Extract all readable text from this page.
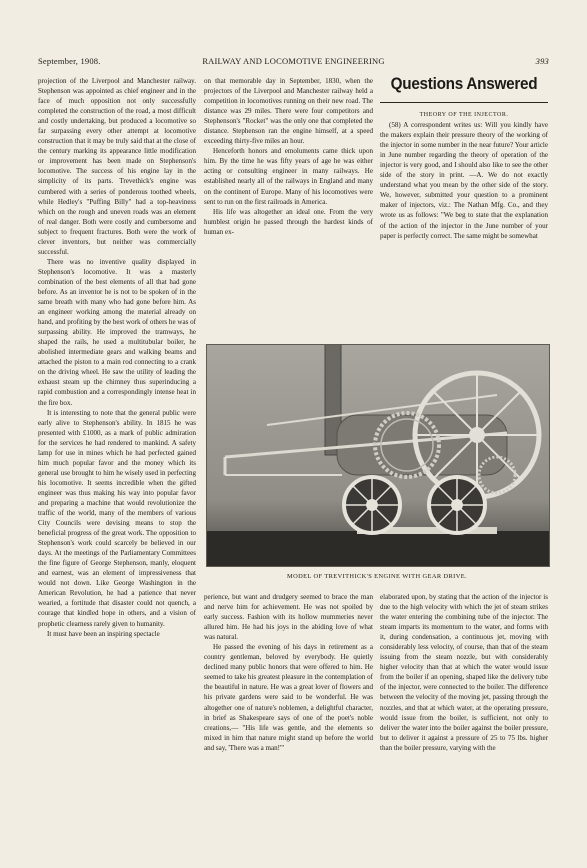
September, 1908.	RAILWAY AND LOCOMOTIVE ENGINEERING	393

projection of the Liverpool and Manchester railway. Stephenson was appointed as chief engineer and in the face of much opposition not only successfully completed the construction of the road, a most difficult and costly undertaking, but produced a locomotive so far surpassing every other attempt at locomotive construction that it may be truly said that at the close of the century marking its appearance little modification or improvement has been made on Stephenson's locomotive. The success of his engine lay in the simplicity of its parts. Trevethick's engine was cumbered with a series of ponderous toothed wheels, while Hedley's "Puffing Billy" had a top-heaviness which on the rough and uneven roads was an element of real danger. Both were costly and cumbersome and subject to frequent fractures. Both were the work of clever inventors, but neither was commercially successful.

There was no inventive quality displayed in Stephenson's locomotive. It was a masterly combination of the best elements of all that had gone before. As an inventor he is not to be spoken of in the same breath with many who had gone before him. As an engineer working among the material already on hand, and profiting by the best work of others he was of surpassing ability. He improved the tramways, he shaped the rails, he used a multitubular boiler, he abolished intermediate gears and walking beams and attached the piston to a main rod connecting to a crank on the driving wheel. He saw the utility of leading the exhaust steam up the chimney thus superinducing a rapid combustion and a correspondingly intense heat in the fire box.

It is interesting to note that the general public were early alive to Stephenson's ability. In 1815 he was presented with £1000, as a mark of public admiration for the services he had rendered to mankind. A safety lamp for use in mines which he had perfected gained him much popular favor and the money which its general use brought to him he wisely used in perfecting his locomotive. It seems incredible when the gifted engineer was thus making his way into popular favor and preparing a machine that would revolutionize the traffic of the world, many of the members of various City Councils were devising means to stop the beneficial progress of the great work. The opposition to Stephenson's work could scarcely be believed in our days. At the meetings of the Parliamentary Committees the fine figure of George Stephenson, manly, eloquent and earnest, was an element of impressiveness that would not down. Like George Washington in the American Revolution, he had a patience that never wearied, a fortitude that disaster could not quench, a courage that kindled hope in others, and a vision of prophetic clearness rarely given to humanity.

It must have been an inspiring spectacle

on that memorable day in September, 1830, when the projectors of the Liverpool and Manchester railway held a competition in locomotives running on their new road. The distance was 29 miles. There were four competitors and Stephenson's "Rocket" was the only one that completed the distance. Stephenson ran the engine himself, at a speed exceeding thirty-five miles an hour.

Henceforth honors and emoluments came thick upon him. By the time he was fifty years of age he was either acting or consulting engineer in many railways. He established nearly all of the railways in England and many on the continent of Europe. Many of his locomotives were sent to run on the first railroads in America.

His life was altogether an ideal one. From the very humblest origin he passed through the hardest kinds of human ex-

Questions Answered

THEORY OF THE INJECTOR.

(58) A correspondent writes us: Will you kindly have the makers explain their pressure theory of the working of the injector in some number in the near future? Your article in June number regarding the theory of operation of the injector is very good, and I should also like to see the other side of the story in print. —A. We do not exactly understand what you mean by the other side of the story. We, however, submitted your question to a prominent maker of injectors, viz.: The Nathan Mfg. Co., and they wrote us as follows: "We beg to state that the explanation of the action of the injector in the June number of your paper is perfectly correct. The same might be somewhat

MODEL OF TREVITHICK'S ENGINE WITH GEAR DRIVE.

perience, but want and drudgery seemed to brace the man and nerve him for achievement. He was not spoiled by early success. Fashion with its hollow mummeries never allured him. He had his joys in the abiding love of what was natural.

He passed the evening of his days in retirement as a country gentleman, beloved by everybody. He quietly declined many public honors that were offered to him. He seemed to take his greatest pleasure in the contemplation of the beautiful in nature. He was a great lover of flowers and his private gardens were said to be wonderful. He was altogether one of nature's noblemen, a delightful character, in brief as Shakespeare says of one of the poet's noble creations,— "His life was gentle, and the elements so mixed in him that nature might stand up before the world and say, 'There was a man!'"

elaborated upon, by stating that the action of the injector is due to the high velocity with which the jet of steam strikes the water entering the combining tube of the injector. The steam imparts its momentum to the water, and forms with it, during condensation, a continuous jet, moving with considerably less velocity, of course, than that of the steam issuing from the steam nozzle, but with considerably higher velocity than that at which the water would issue from the boiler if an opening, shaped like the delivery tube of the injector, were connected to the boiler. The difference between the velocity of the moving jet, passing through the nozzles, and that at which water, at the operating pressure, would issue from the boiler, is sufficient, not only to deliver the water into the boiler against the boiler pressure, but to deliver it against a pressure of 25 to 75 lbs. higher than the boiler pressure, varying with the
